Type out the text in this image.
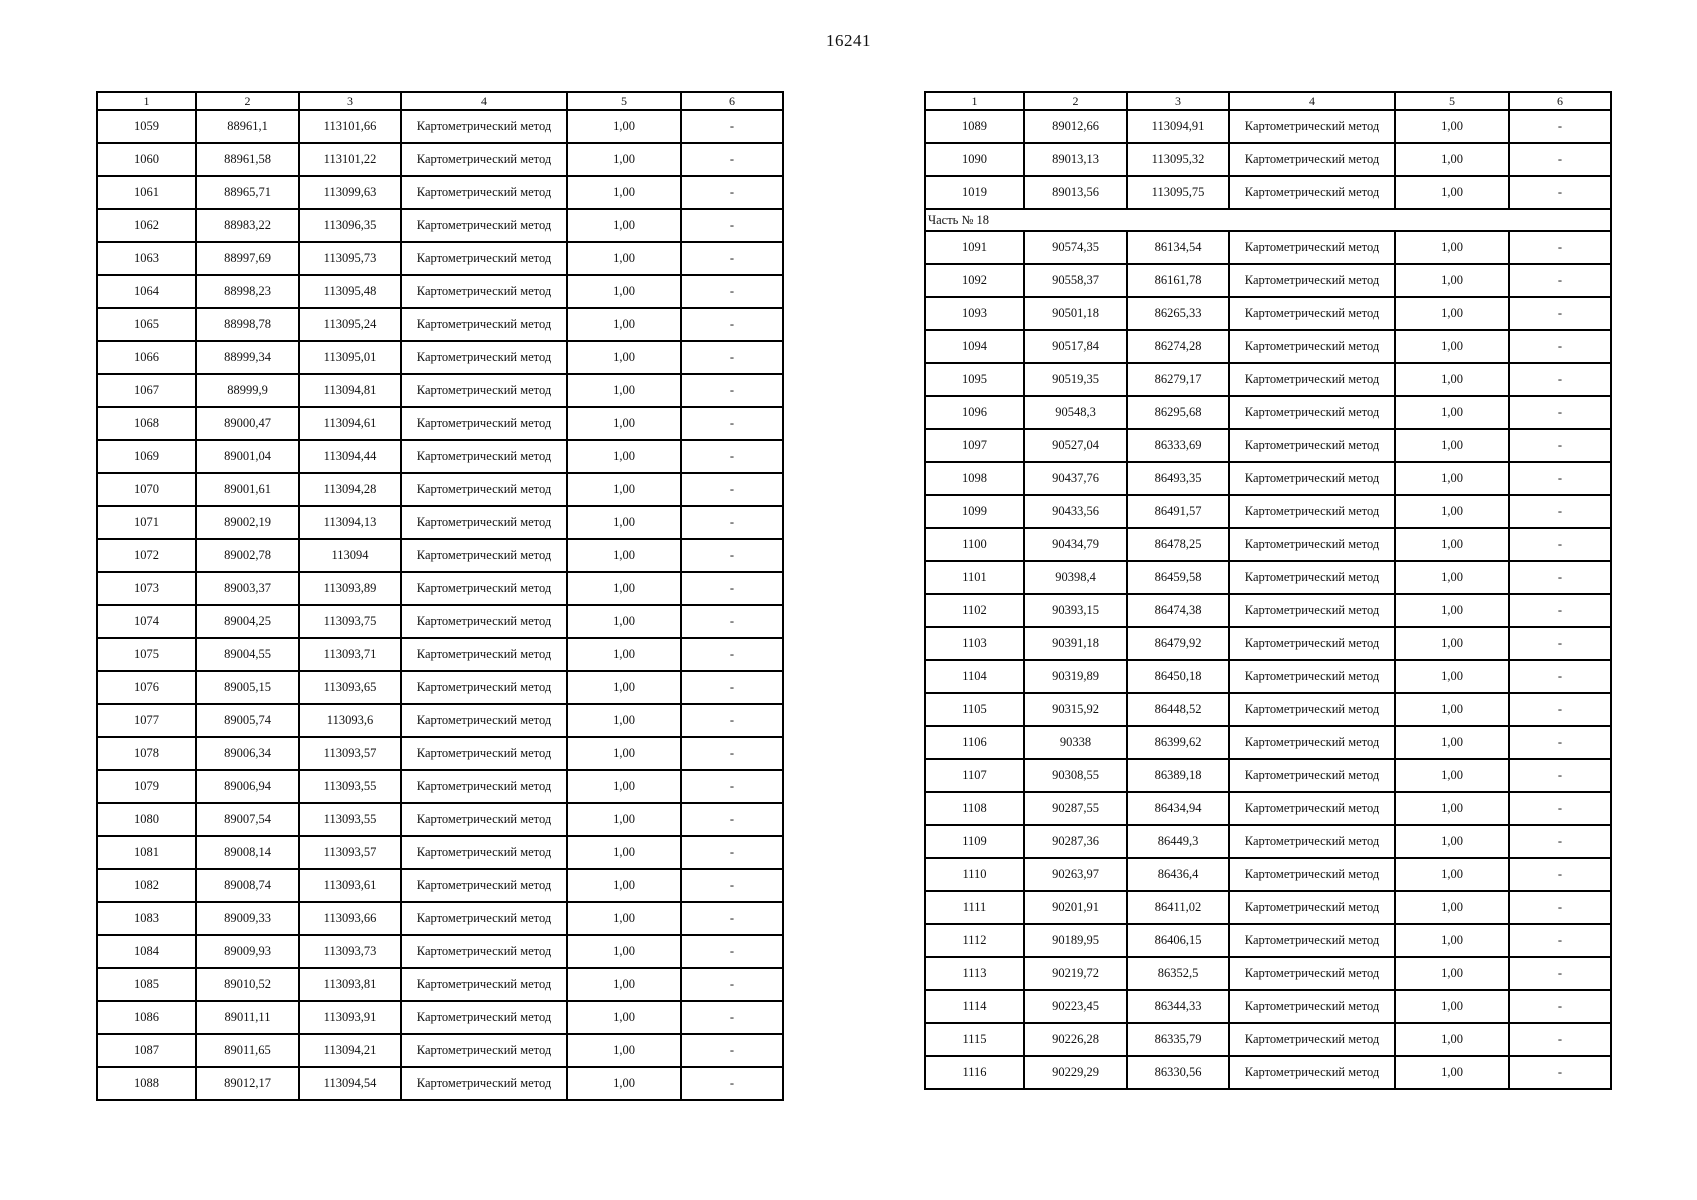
16241
1	2	3	4	5	6
1059	88961,1	113101,66	Картометрический метод	1,00	-
1060	88961,58	113101,22	Картометрический метод	1,00	-
1061	88965,71	113099,63	Картометрический метод	1,00	-
1062	88983,22	113096,35	Картометрический метод	1,00	-
1063	88997,69	113095,73	Картометрический метод	1,00	-
1064	88998,23	113095,48	Картометрический метод	1,00	-
1065	88998,78	113095,24	Картометрический метод	1,00	-
1066	88999,34	113095,01	Картометрический метод	1,00	-
1067	88999,9	113094,81	Картометрический метод	1,00	-
1068	89000,47	113094,61	Картометрический метод	1,00	-
1069	89001,04	113094,44	Картометрический метод	1,00	-
1070	89001,61	113094,28	Картометрический метод	1,00	-
1071	89002,19	113094,13	Картометрический метод	1,00	-
1072	89002,78	113094	Картометрический метод	1,00	-
1073	89003,37	113093,89	Картометрический метод	1,00	-
1074	89004,25	113093,75	Картометрический метод	1,00	-
1075	89004,55	113093,71	Картометрический метод	1,00	-
1076	89005,15	113093,65	Картометрический метод	1,00	-
1077	89005,74	113093,6	Картометрический метод	1,00	-
1078	89006,34	113093,57	Картометрический метод	1,00	-
1079	89006,94	113093,55	Картометрический метод	1,00	-
1080	89007,54	113093,55	Картометрический метод	1,00	-
1081	89008,14	113093,57	Картометрический метод	1,00	-
1082	89008,74	113093,61	Картометрический метод	1,00	-
1083	89009,33	113093,66	Картометрический метод	1,00	-
1084	89009,93	113093,73	Картометрический метод	1,00	-
1085	89010,52	113093,81	Картометрический метод	1,00	-
1086	89011,11	113093,91	Картометрический метод	1,00	-
1087	89011,65	113094,21	Картометрический метод	1,00	-
1088	89012,17	113094,54	Картометрический метод	1,00	-
1	2	3	4	5	6
1089	89012,66	113094,91	Картометрический метод	1,00	-
1090	89013,13	113095,32	Картометрический метод	1,00	-
1019	89013,56	113095,75	Картометрический метод	1,00	-
Часть № 18					
1091	90574,35	86134,54	Картометрический метод	1,00	-
1092	90558,37	86161,78	Картометрический метод	1,00	-
1093	90501,18	86265,33	Картометрический метод	1,00	-
1094	90517,84	86274,28	Картометрический метод	1,00	-
1095	90519,35	86279,17	Картометрический метод	1,00	-
1096	90548,3	86295,68	Картометрический метод	1,00	-
1097	90527,04	86333,69	Картометрический метод	1,00	-
1098	90437,76	86493,35	Картометрический метод	1,00	-
1099	90433,56	86491,57	Картометрический метод	1,00	-
1100	90434,79	86478,25	Картометрический метод	1,00	-
1101	90398,4	86459,58	Картометрический метод	1,00	-
1102	90393,15	86474,38	Картометрический метод	1,00	-
1103	90391,18	86479,92	Картометрический метод	1,00	-
1104	90319,89	86450,18	Картометрический метод	1,00	-
1105	90315,92	86448,52	Картометрический метод	1,00	-
1106	90338	86399,62	Картометрический метод	1,00	-
1107	90308,55	86389,18	Картометрический метод	1,00	-
1108	90287,55	86434,94	Картометрический метод	1,00	-
1109	90287,36	86449,3	Картометрический метод	1,00	-
1110	90263,97	86436,4	Картометрический метод	1,00	-
1111	90201,91	86411,02	Картометрический метод	1,00	-
1112	90189,95	86406,15	Картометрический метод	1,00	-
1113	90219,72	86352,5	Картометрический метод	1,00	-
1114	90223,45	86344,33	Картометрический метод	1,00	-
1115	90226,28	86335,79	Картометрический метод	1,00	-
1116	90229,29	86330,56	Картометрический метод	1,00	-
